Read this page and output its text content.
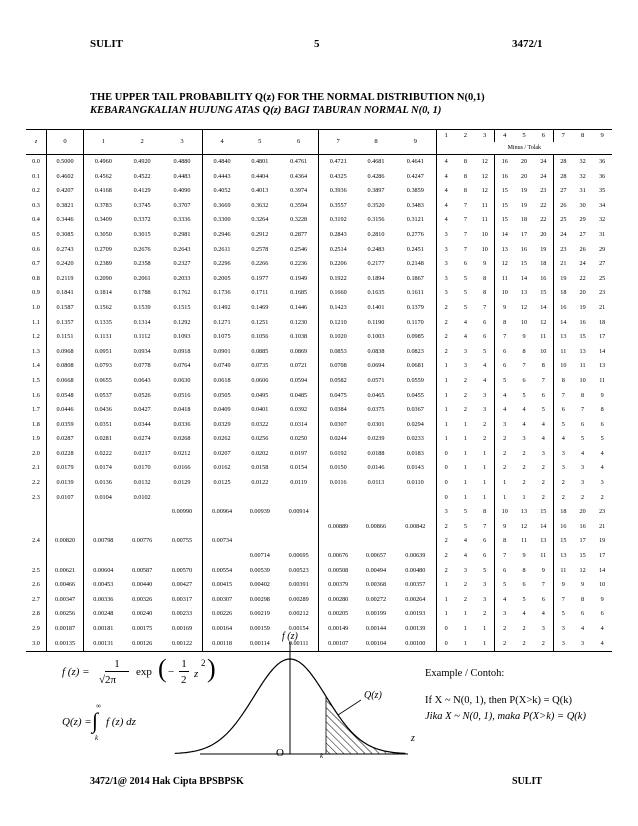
SULIT	5	3472/1
THE UPPER TAIL PROBABILITY Q(z) FOR THE NORMAL DISTRIBUTION N(0,1)
KEBARANGKALIAN HUJUNG ATAS Q(z) BAGI TABURAN NORMAL N(0, 1)
z	0	1	2	3	4	5	6	7	8	9	1	2	3	4	5	6	7	8	9
											Minus / Tolak								
0.0	0.5000	0.4960	0.4920	0.4880	0.4840	0.4801	0.4761	0.4721	0.4681	0.4641	4	8	12	16	20	24	28	32	36
0.1	0.4602	0.4562	0.4522	0.4483	0.4443	0.4404	0.4364	0.4325	0.4286	0.4247	4	8	12	16	20	24	28	32	36
0.2	0.4207	0.4168	0.4129	0.4090	0.4052	0.4013	0.3974	0.3936	0.3897	0.3859	4	8	12	15	19	23	27	31	35
0.3	0.3821	0.3783	0.3745	0.3707	0.3669	0.3632	0.3594	0.3557	0.3520	0.3483	4	7	11	15	19	22	26	30	34
0.4	0.3446	0.3409	0.3372	0.3336	0.3300	0.3264	0.3228	0.3192	0.3156	0.3121	4	7	11	15	18	22	25	29	32
0.5	0.3085	0.3050	0.3015	0.2981	0.2946	0.2912	0.2877	0.2843	0.2810	0.2776	3	7	10	14	17	20	24	27	31
0.6	0.2743	0.2709	0.2676	0.2643	0.2611	0.2578	0.2546	0.2514	0.2483	0.2451	3	7	10	13	16	19	23	26	29
0.7	0.2420	0.2389	0.2358	0.2327	0.2296	0.2266	0.2236	0.2206	0.2177	0.2148	3	6	9	12	15	18	21	24	27
0.8	0.2119	0.2090	0.2061	0.2033	0.2005	0.1977	0.1949	0.1922	0.1894	0.1867	3	5	8	11	14	16	19	22	25
0.9	0.1841	0.1814	0.1788	0.1762	0.1736	0.1711	0.1685	0.1660	0.1635	0.1611	3	5	8	10	13	15	18	20	23
1.0	0.1587	0.1562	0.1539	0.1515	0.1492	0.1469	0.1446	0.1423	0.1401	0.1379	2	5	7	9	12	14	16	19	21
1.1	0.1357	0.1335	0.1314	0.1292	0.1271	0.1251	0.1230	0.1210	0.1190	0.1170	2	4	6	8	10	12	14	16	18
1.2	0.1151	0.1131	0.1112	0.1093	0.1075	0.1056	0.1038	0.1020	0.1003	0.0985	2	4	6	7	9	11	13	15	17
1.3	0.0968	0.0951	0.0934	0.0918	0.0901	0.0885	0.0869	0.0853	0.0838	0.0823	2	3	5	6	8	10	11	13	14
1.4	0.0808	0.0793	0.0778	0.0764	0.0749	0.0735	0.0721	0.0708	0.0694	0.0681	1	3	4	6	7	8	10	11	13
1.5	0.0668	0.0655	0.0643	0.0630	0.0618	0.0606	0.0594	0.0582	0.0571	0.0559	1	2	4	5	6	7	8	10	11
1.6	0.0548	0.0537	0.0526	0.0516	0.0505	0.0495	0.0485	0.0475	0.0465	0.0455	1	2	3	4	5	6	7	8	9
1.7	0.0446	0.0436	0.0427	0.0418	0.0409	0.0401	0.0392	0.0384	0.0375	0.0367	1	2	3	4	4	5	6	7	8
1.8	0.0359	0.0351	0.0344	0.0336	0.0329	0.0322	0.0314	0.0307	0.0301	0.0294	1	1	2	3	4	4	5	6	6
1.9	0.0287	0.0281	0.0274	0.0268	0.0262	0.0256	0.0250	0.0244	0.0239	0.0233	1	1	2	2	3	4	4	5	5
2.0	0.0228	0.0222	0.0217	0.0212	0.0207	0.0202	0.0197	0.0192	0.0188	0.0183	0	1	1	2	2	3	3	4	4
2.1	0.0179	0.0174	0.0170	0.0166	0.0162	0.0158	0.0154	0.0150	0.0146	0.0143	0	1	1	2	2	2	3	3	4
2.2	0.0139	0.0136	0.0132	0.0129	0.0125	0.0122	0.0119	0.0116	0.0113	0.0110	0	1	1	1	2	2	2	3	3
2.3	0.0107	0.0104	0.0102								0	1	1	1	1	2	2	2	2
				0.00990	0.00964	0.00939	0.00914				3	5	8	10	13	15	18	20	23
								0.00889	0.00866	0.00842	2	5	7	9	12	14	16	16	21
2.4	0.00820	0.00798	0.00776	0.00755	0.00734						2	4	6	8	11	13	15	17	19
						0.00714	0.00695	0.00676	0.00657	0.00639	2	4	6	7	9	11	13	15	17
2.5	0.00621	0.00604	0.00587	0.00570	0.00554	0.00539	0.00523	0.00508	0.00494	0.00480	2	3	5	6	8	9	11	12	14
2.6	0.00466	0.00453	0.00440	0.00427	0.00415	0.00402	0.00391	0.00379	0.00368	0.00357	1	2	3	5	6	7	9	9	10
2.7	0.00347	0.00336	0.00326	0.00317	0.00307	0.00298	0.00289	0.00280	0.00272	0.00264	1	2	3	4	5	6	7	8	9
2.8	0.00256	0.00248	0.00240	0.00233	0.00226	0.00219	0.00212	0.00205	0.00199	0.00193	1	1	2	3	4	4	5	6	6
2.9	0.00187	0.00181	0.00175	0.00169	0.00164	0.00159	0.00154	0.00149	0.00144	0.00139	0	1	1	2	2	3	3	4	4
3.0	0.00135	0.00131	0.00126	0.00122	0.00118	0.00114	0.00111	0.00107	0.00104	0.00100	0	1	1	2	2	2	3	3	4
f (z) =
1
√2π
exp ( −
1
2 z
2 )
Q(z) =
∞
∫
k
f (z) dz
f (z)
Q(z)
z
O	k
Example / Contoh:
If X ~ N(0, 1), then P(X>k) = Q(k)
Jika X ~ N(0, 1), maka P(X>k) = Q(k)
3472/1@ 2014 Hak Cipta BPSBPSK	SULIT
